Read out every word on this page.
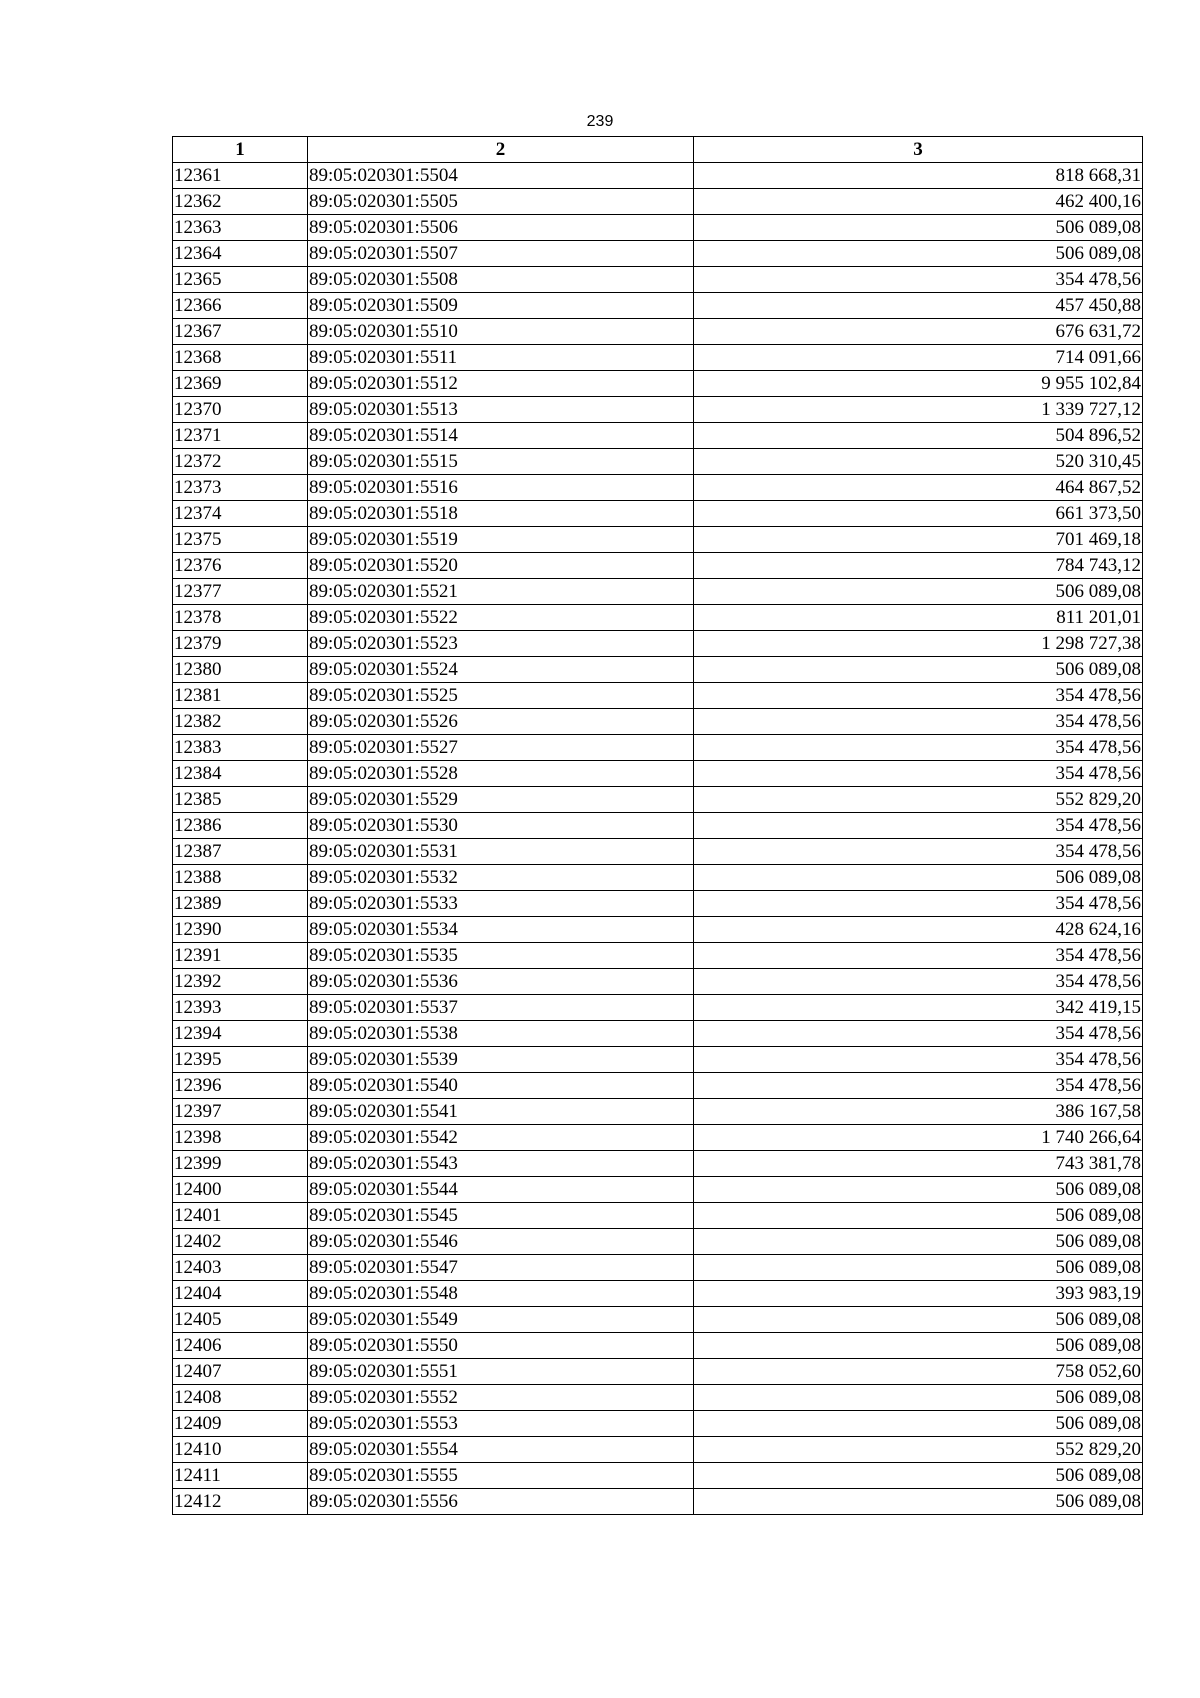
239
1	2	3
12361	89:05:020301:5504	818 668,31
12362	89:05:020301:5505	462 400,16
12363	89:05:020301:5506	506 089,08
12364	89:05:020301:5507	506 089,08
12365	89:05:020301:5508	354 478,56
12366	89:05:020301:5509	457 450,88
12367	89:05:020301:5510	676 631,72
12368	89:05:020301:5511	714 091,66
12369	89:05:020301:5512	9 955 102,84
12370	89:05:020301:5513	1 339 727,12
12371	89:05:020301:5514	504 896,52
12372	89:05:020301:5515	520 310,45
12373	89:05:020301:5516	464 867,52
12374	89:05:020301:5518	661 373,50
12375	89:05:020301:5519	701 469,18
12376	89:05:020301:5520	784 743,12
12377	89:05:020301:5521	506 089,08
12378	89:05:020301:5522	811 201,01
12379	89:05:020301:5523	1 298 727,38
12380	89:05:020301:5524	506 089,08
12381	89:05:020301:5525	354 478,56
12382	89:05:020301:5526	354 478,56
12383	89:05:020301:5527	354 478,56
12384	89:05:020301:5528	354 478,56
12385	89:05:020301:5529	552 829,20
12386	89:05:020301:5530	354 478,56
12387	89:05:020301:5531	354 478,56
12388	89:05:020301:5532	506 089,08
12389	89:05:020301:5533	354 478,56
12390	89:05:020301:5534	428 624,16
12391	89:05:020301:5535	354 478,56
12392	89:05:020301:5536	354 478,56
12393	89:05:020301:5537	342 419,15
12394	89:05:020301:5538	354 478,56
12395	89:05:020301:5539	354 478,56
12396	89:05:020301:5540	354 478,56
12397	89:05:020301:5541	386 167,58
12398	89:05:020301:5542	1 740 266,64
12399	89:05:020301:5543	743 381,78
12400	89:05:020301:5544	506 089,08
12401	89:05:020301:5545	506 089,08
12402	89:05:020301:5546	506 089,08
12403	89:05:020301:5547	506 089,08
12404	89:05:020301:5548	393 983,19
12405	89:05:020301:5549	506 089,08
12406	89:05:020301:5550	506 089,08
12407	89:05:020301:5551	758 052,60
12408	89:05:020301:5552	506 089,08
12409	89:05:020301:5553	506 089,08
12410	89:05:020301:5554	552 829,20
12411	89:05:020301:5555	506 089,08
12412	89:05:020301:5556	506 089,08
